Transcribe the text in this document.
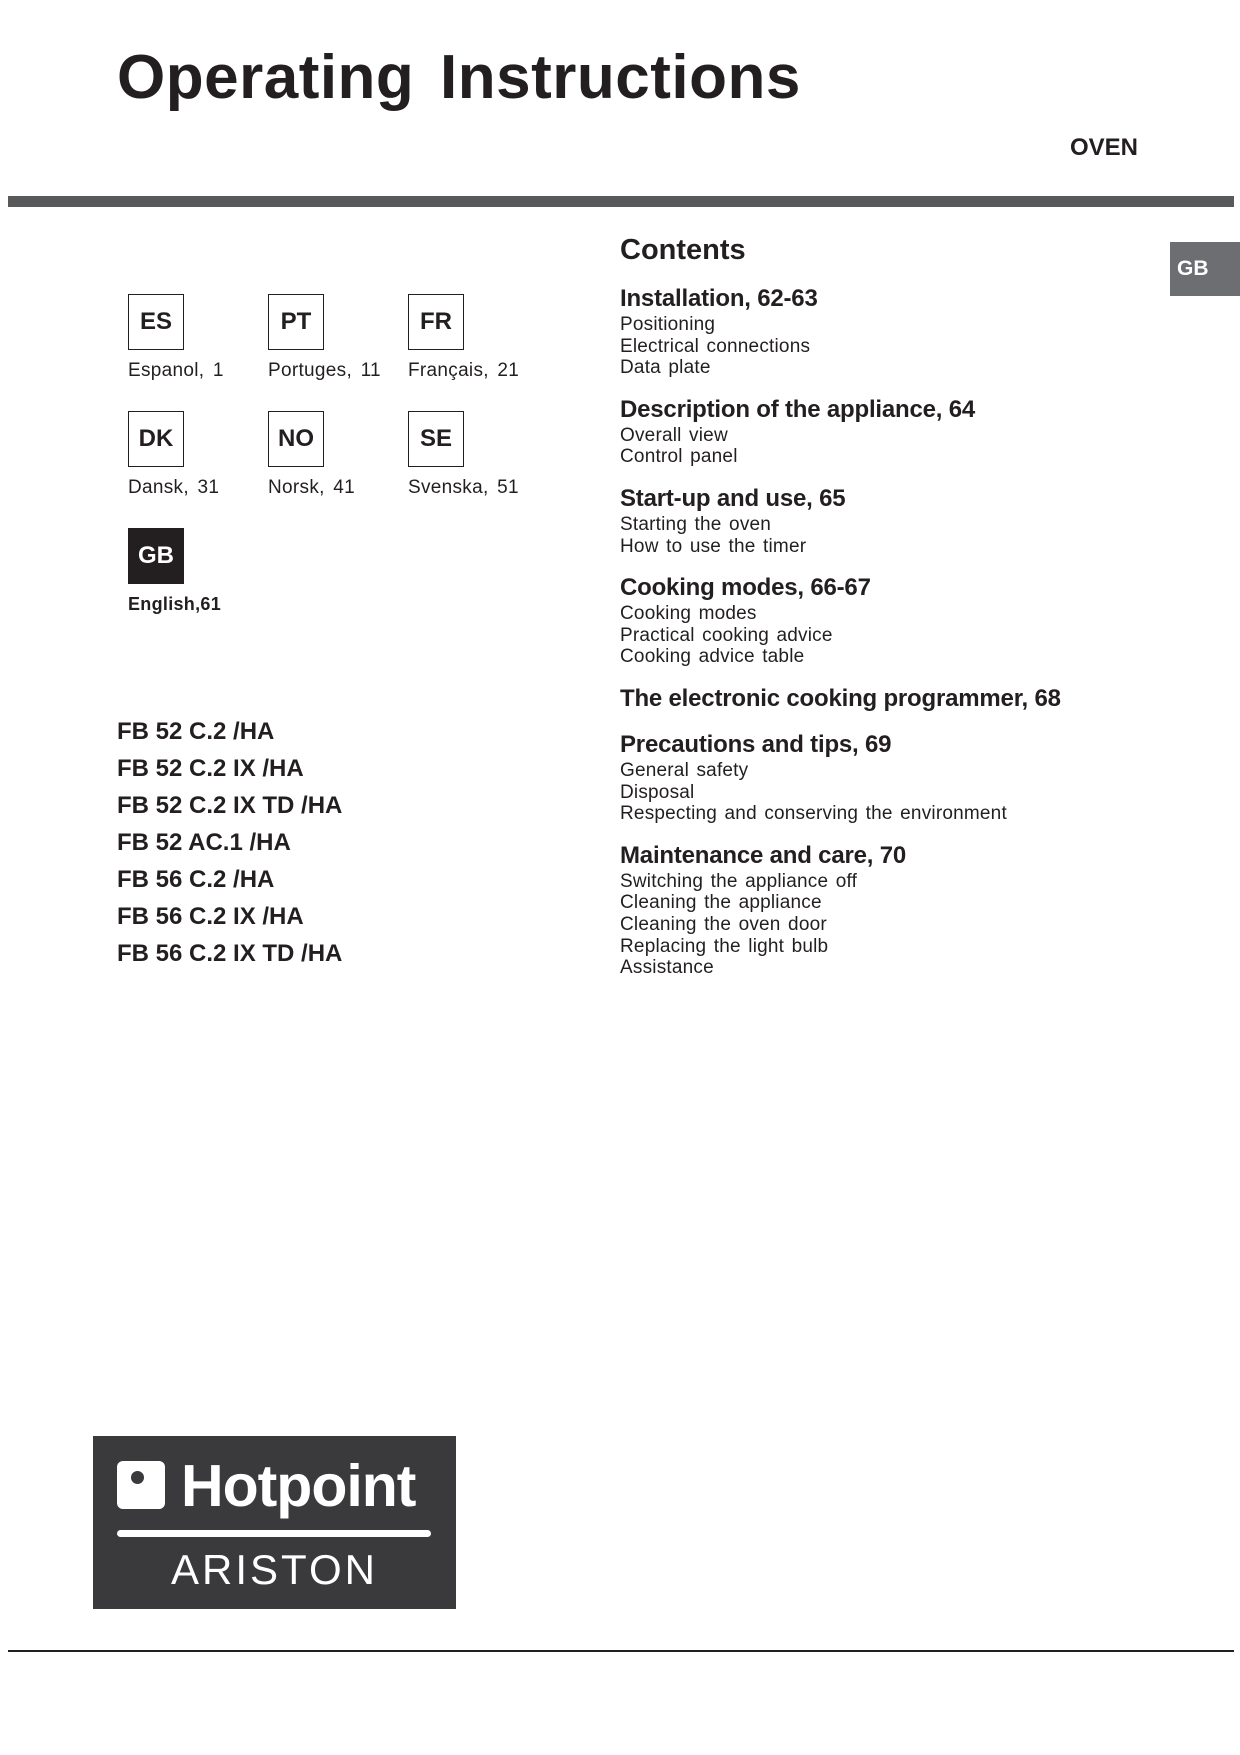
Operating Instructions
OVEN
GB
ES
Espanol, 1
PT
Portuges, 11
FR
Français, 21
DK
Dansk, 31
NO
Norsk, 41
SE
Svenska, 51
GB
English,61
FB 52 C.2 /HA
FB 52 C.2 IX /HA
FB 52 C.2 IX TD /HA
FB 52 AC.1 /HA
FB 56 C.2 /HA
FB 56 C.2 IX /HA
FB 56 C.2 IX TD /HA
Contents
Installation, 62-63
Positioning
Electrical connections
Data plate
Description of the appliance, 64
Overall view
Control panel
Start-up and use, 65
Starting the oven
How to use the timer
Cooking modes, 66-67
Cooking modes
Practical cooking advice
Cooking advice table
The electronic cooking programmer, 68
Precautions and tips, 69
General safety
Disposal
Respecting and conserving the environment
Maintenance and care, 70
Switching the appliance off
Cleaning the appliance
Cleaning the oven door
Replacing the light bulb
Assistance
Hotpoint
ARISTON
